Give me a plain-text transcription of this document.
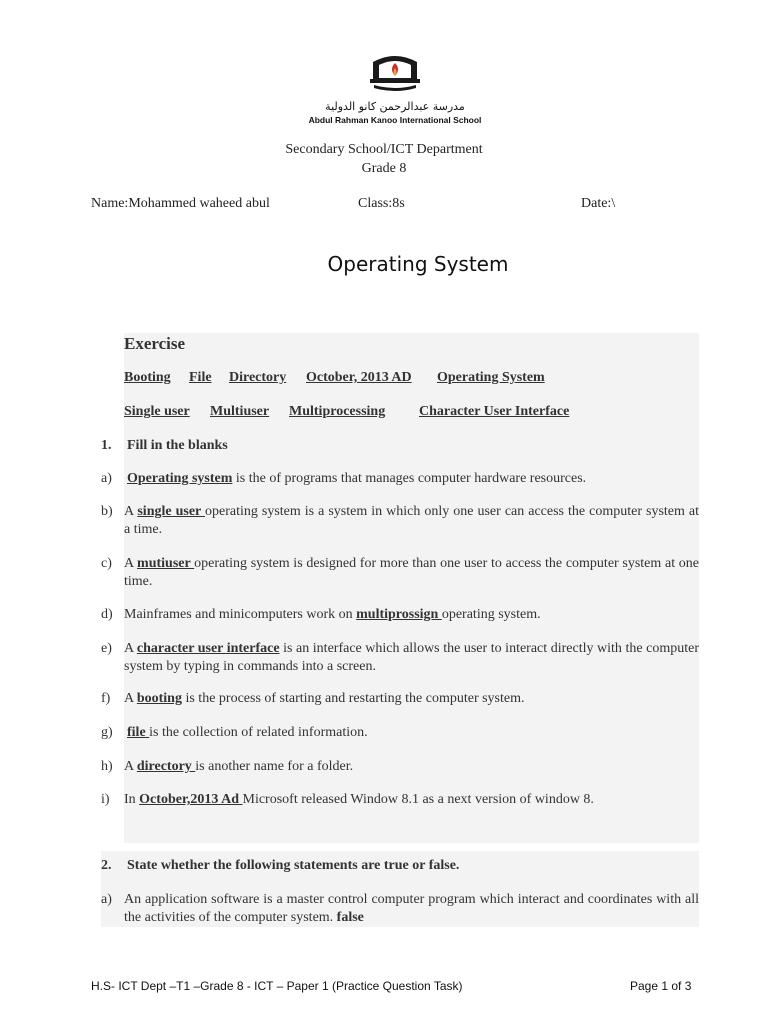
مدرسة عبدالرحمن كانو الدولية
Abdul Rahman Kanoo International School
Secondary School/ICT Department
Grade 8
Name:Mohammed waheed abul	Class:8s	Date:\
Operating System
Exercise
Booting File Directory October, 2013 AD Operating System
Single user Multiuser Multiprocessing Character User Interface
1. Fill in the blanks
a) Operating system is the of programs that manages computer hardware resources.
b) A single user operating system is a system in which only one user can access the computer system at a time.
c) A mutiuser operating system is designed for more than one user to access the computer system at one time.
d) Mainframes and minicomputers work on multiprossign operating system.
e) A character user interface is an interface which allows the user to interact directly with the computer system by typing in commands into a screen.
f) A booting is the process of starting and restarting the computer system.
g) file is the collection of related information.
h) A directory is another name for a folder.
i) In October,2013 Ad Microsoft released Window 8.1 as a next version of window 8.
2. State whether the following statements are true or false.
a) An application software is a master control computer program which interact and coordinates with all the activities of the computer system. false
H.S- ICT Dept –T1 –Grade 8 - ICT – Paper 1 (Practice Question Task)	Page 1 of 3
